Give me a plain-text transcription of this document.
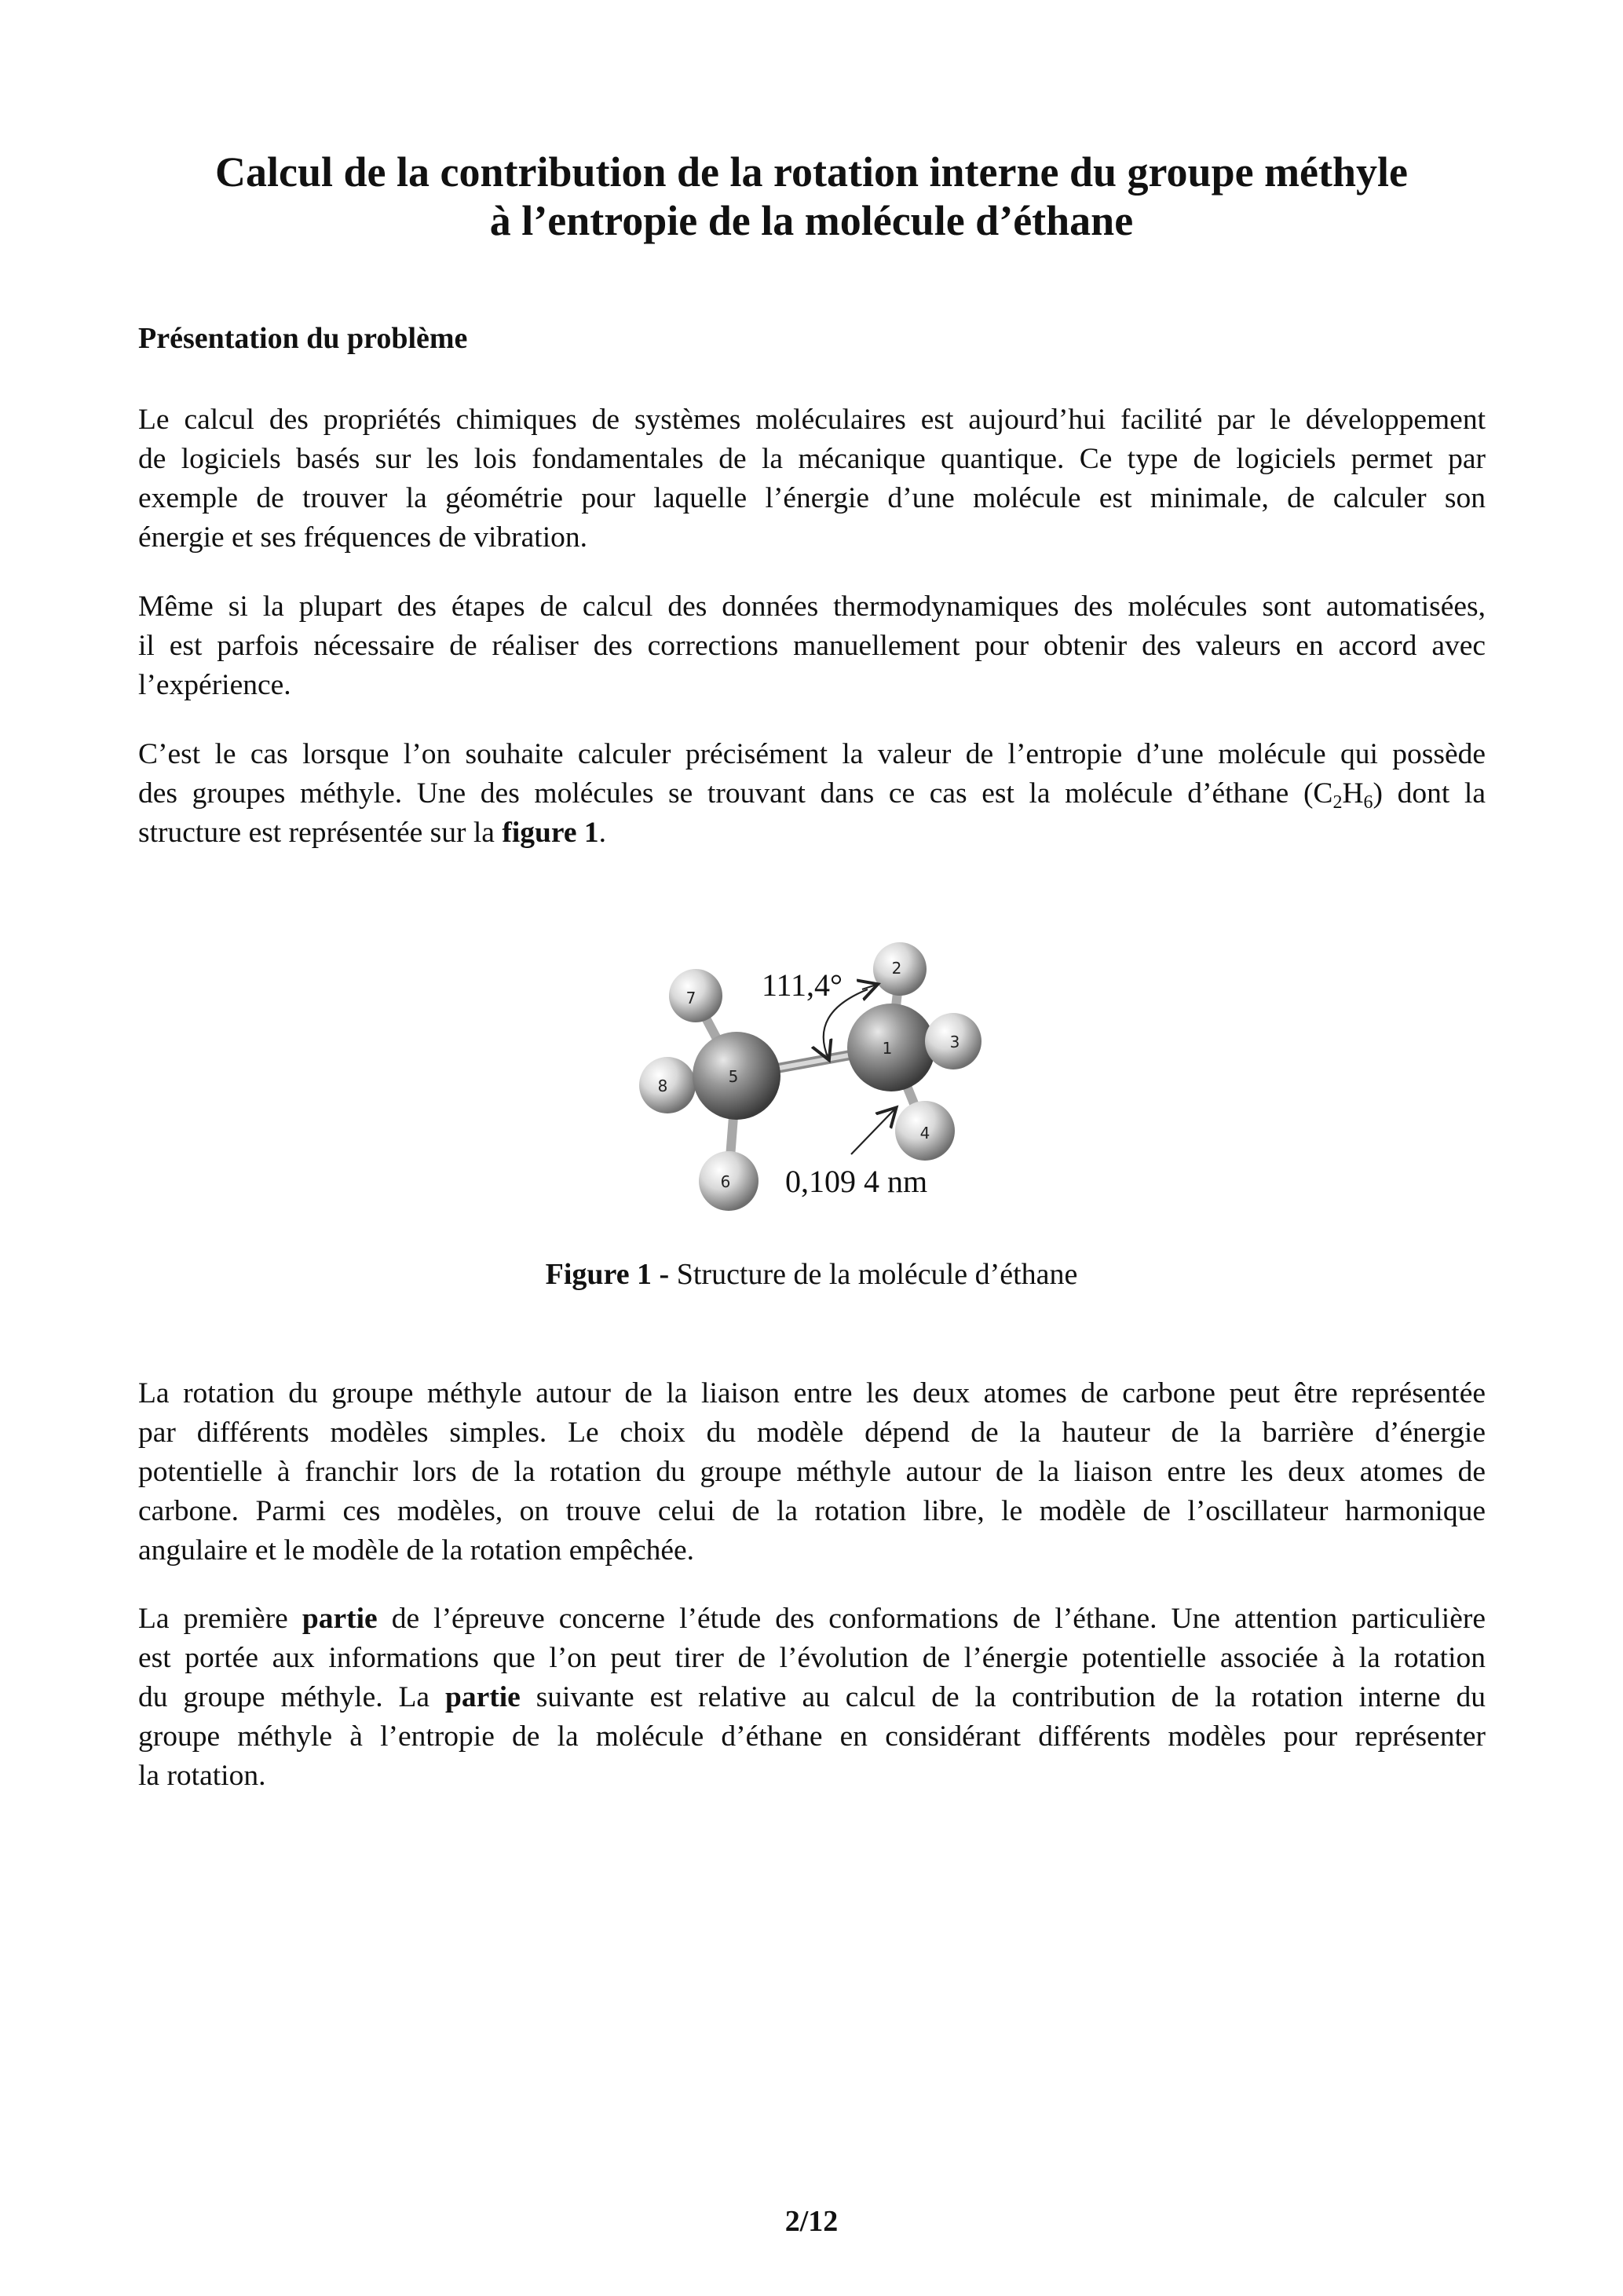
Calcul de la contribution de la rotation interne du groupe méthyle
à l’entropie de la molécule d’éthane
Présentation du problème
Le calcul des propriétés chimiques de systèmes moléculaires est aujourd’hui facilité par le développement
de logiciels basés sur les lois fondamentales de la mécanique quantique. Ce type de logiciels permet par
exemple de trouver la géométrie pour laquelle l’énergie d’une molécule est minimale, de calculer son
énergie et ses fréquences de vibration.
Même si la plupart des étapes de calcul des données thermodynamiques des molécules sont automatisées,
il est parfois nécessaire de réaliser des corrections manuellement pour obtenir des valeurs en accord avec
l’expérience.
C’est le cas lorsque l’on souhaite calculer précisément la valeur de l’entropie d’une molécule qui possède
des groupes méthyle. Une des molécules se trouvant dans ce cas est la molécule d’éthane $(C_2H_6)$ dont la
structure est représentée sur la figure 1.
7
2
8	5
1	3
4
6
111,4°
0,109 4 nm
Figure 1 - Structure de la molécule d’éthane
La rotation du groupe méthyle autour de la liaison entre les deux atomes de carbone peut être représentée
par différents modèles simples. Le choix du modèle dépend de la hauteur de la barrière d’énergie
potentielle à franchir lors de la rotation du groupe méthyle autour de la liaison entre les deux atomes de
carbone. Parmi ces modèles, on trouve celui de la rotation libre, le modèle de l’oscillateur harmonique
angulaire et le modèle de la rotation empêchée.
La première partie de l’épreuve concerne l’étude des conformations de l’éthane. Une attention particulière
est portée aux informations que l’on peut tirer de l’évolution de l’énergie potentielle associée à la rotation
du groupe méthyle. La partie suivante est relative au calcul de la contribution de la rotation interne du
groupe méthyle à l’entropie de la molécule d’éthane en considérant différents modèles pour représenter
la rotation.
2/12
